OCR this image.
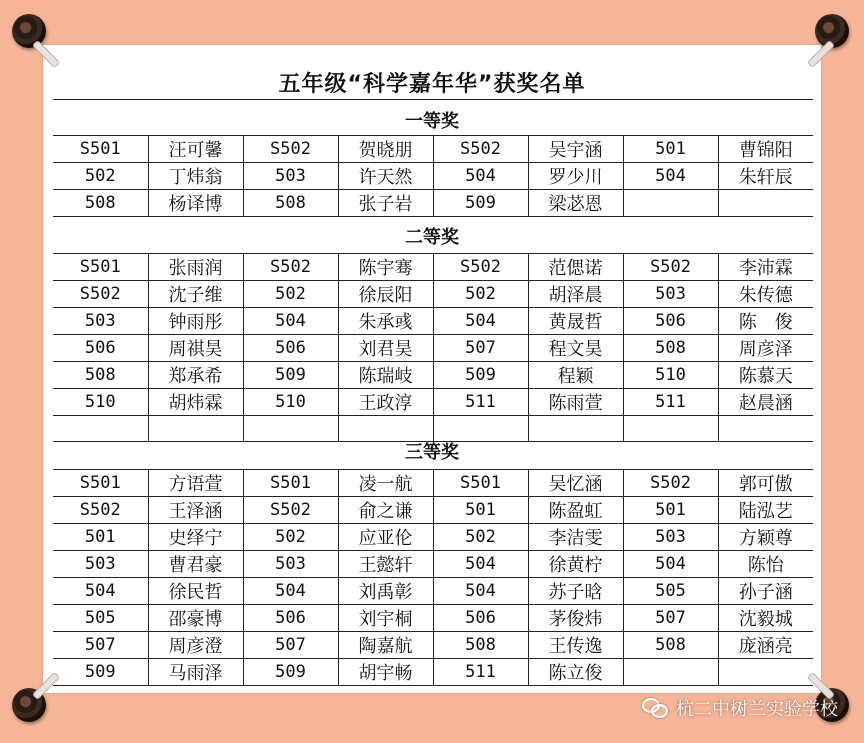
五年级“科学嘉年华”获奖名单
一等奖
S501	汪可馨	S502	贺晓朋	S502	吴宇涵	501	曹锦阳
502	丁炜翁	503	许天然	504	罗少川	504	朱轩辰
508	杨译博	508	张子岩	509	梁苾恩		
二等奖
S501	张雨润	S502	陈宇骞	S502	范偲诺	S502	李沛霖
S502	沈子维	502	徐辰阳	502	胡泽晨	503	朱传德
503	钟雨彤	504	朱承彧	504	黄晟哲	506	陈　俊
506	周祺昊	506	刘君昊	507	程文昊	508	周彦泽
508	郑承希	509	陈瑞岐	509	程颖	510	陈慕天
510	胡炜霖	510	王政淳	511	陈雨萱	511	赵晨涵

三等奖
S501	方语萱	S501	凌一航	S501	吴忆涵	S502	郭可傲
S502	王泽涵	S502	俞之谦	501	陈盈虹	501	陆泓艺
501	史绎宁	502	应亚伦	502	李洁雯	503	方颖尊
503	曹君豪	503	王懿轩	504	徐黄柠	504	陈怡
504	徐民哲	504	刘禹彰	504	苏子晗	505	孙子涵
505	邵豪博	506	刘宇桐	506	茅俊炜	507	沈毅城
507	周彦澄	507	陶嘉航	508	王传逸	508	庞涵亮
509	马雨泽	509	胡宇畅	511	陈立俊		
杭二中树兰实验学校
